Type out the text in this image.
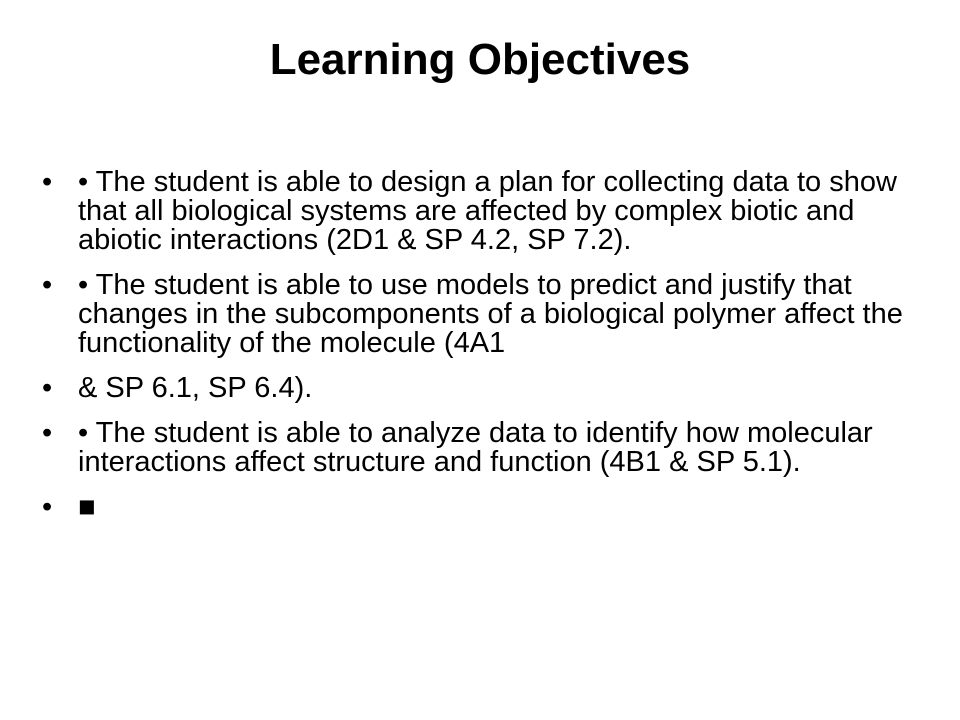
Learning Objectives
• • The student is able to design a plan for collecting data to show that all biological systems are affected by complex biotic and abiotic interactions (2D1 & SP 4.2, SP 7.2).
• • The student is able to use models to predict and justify that changes in the subcomponents of a biological polymer affect the functionality of the molecule (4A1
• & SP 6.1, SP 6.4).
• • The student is able to analyze data to identify how molecular interactions affect structure and function (4B1 & SP 5.1).
• ■
